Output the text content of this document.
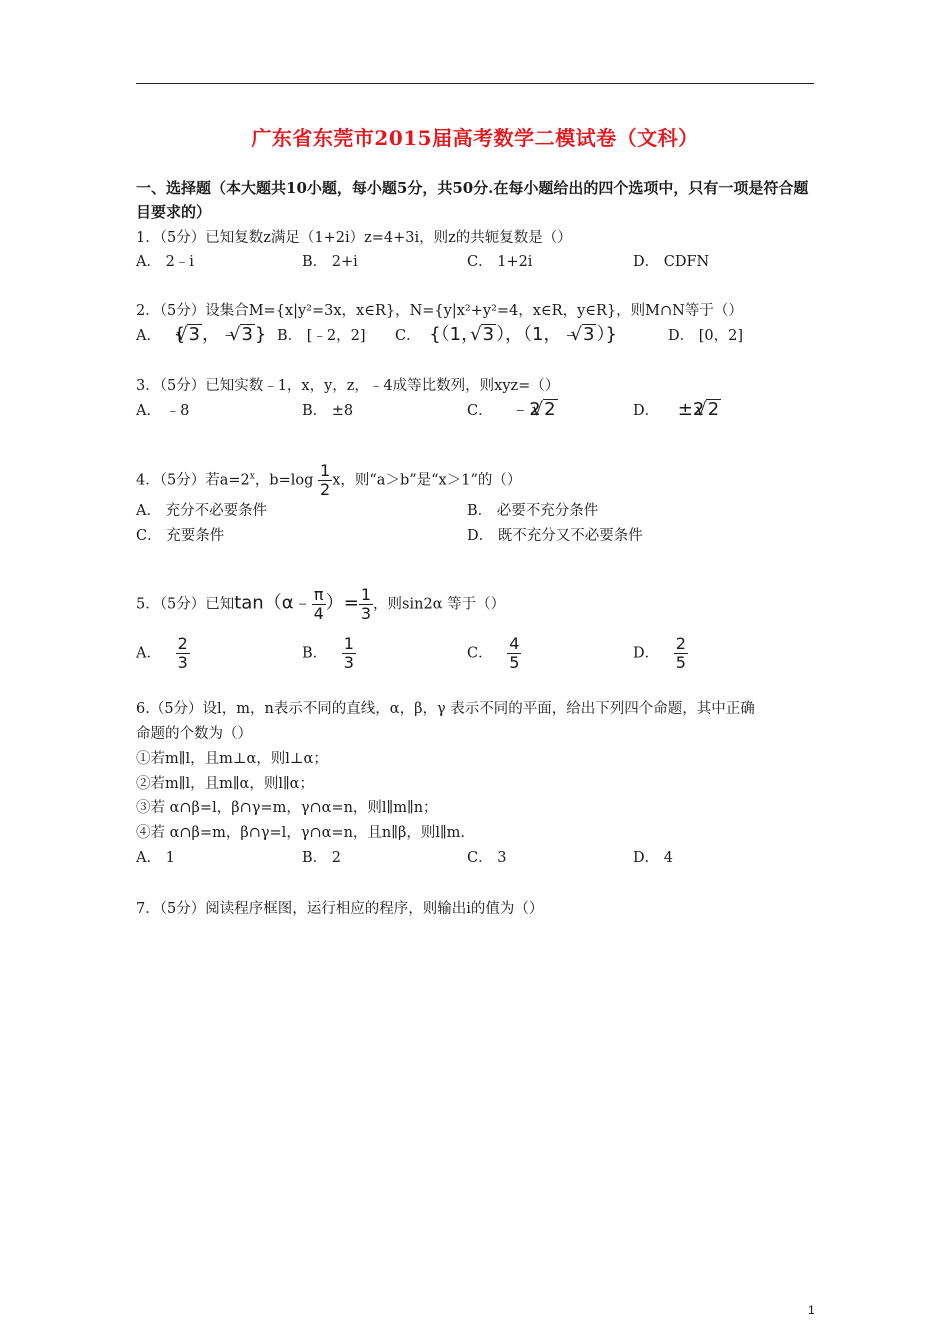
广东省东莞市2015届高考数学二模试卷（文科）
一、选择题（本大题共10小题，每小题5分，共50分.在每小题给出的四个选项中，只有一项是符合题目要求的）
1．（5分）已知复数z满足（1+2i）z=4+3i，则z的共轭复数是（）
A． 2﹣i	B． 2+i	C． 1+2i	D． CDFN
2．（5分）设集合M={x|y²=3x，x∈R}，N={y|x²+y²=4，x∈R，y∈R}，则M∩N等于（）
A． { √ 3 ，﹣ √ 3 } B． [﹣2，2] C． {（1， √ 3 ），（1，﹣ √ 3 ）}	D． [0，2]
3．（5分）已知实数﹣1，x，y，z，﹣4成等比数列，则xyz=（）
A． ﹣8	B． ±8	C． ﹣2 √ 2	D． ±2 √ 2
4．（5分）若$a=2^x$，$b=\log \frac{1}{2}$ x，则“a＞b”是“x＞1”的（）
A． 充分不必要条件	B． 必要不充分条件
C． 充要条件	D． 既不充分又不必要条件
5．（5分）已知tan（α﹣ $\frac{\pi}{4}$ ）= $\frac{1}{3}$ ，则sin2α 等于（）
A． $\frac{2}{3}$	B． $\frac{1}{3}$	C． $\frac{4}{5}$	D． $\frac{2}{5}$
6.（5分）设l，m，n表示不同的直线，α，β，γ 表示不同的平面，给出下列四个命题，其中正确
命题的个数为（）
①若m∥l，且m⊥α，则l⊥α；
②若m∥l，且m∥α，则l∥α；
③若 α∩β=l，β∩γ=m，γ∩α=n，则l∥m∥n；
④若 α∩β=m，β∩γ=l，γ∩α=n，且n∥β，则l∥m.
A． 1	B． 2	C． 3	D． 4
7．（5分）阅读程序框图，运行相应的程序，则输出i的值为（）
1
